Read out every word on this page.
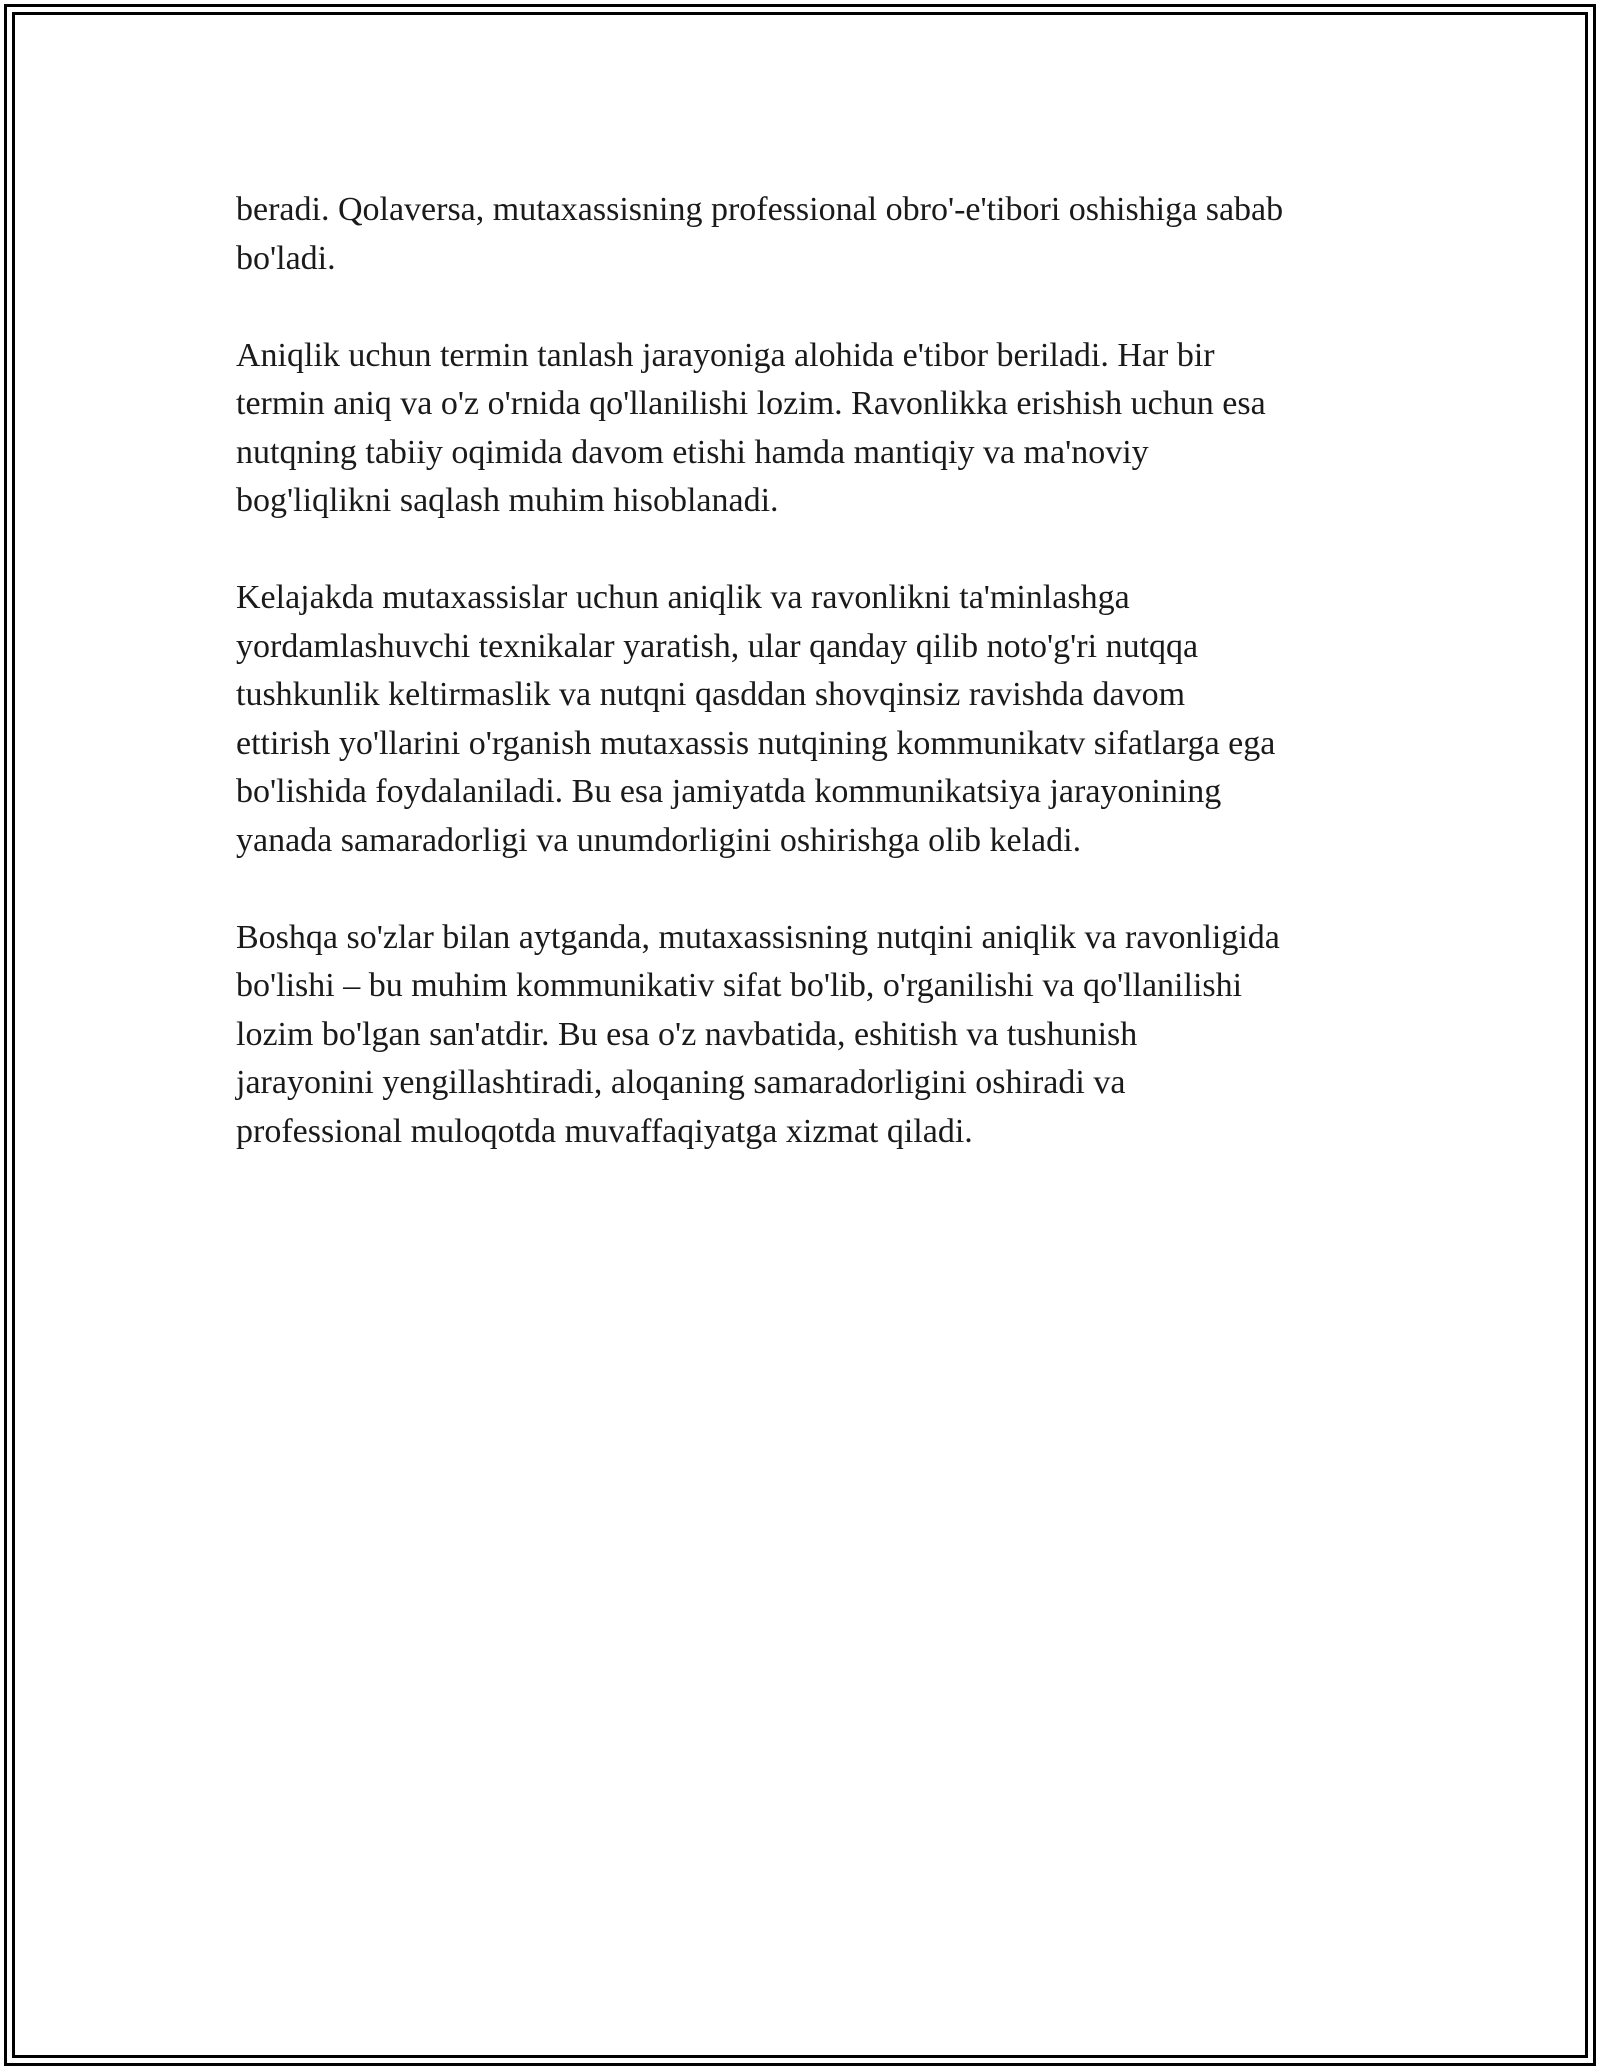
beradi. Qolaversa, mutaxassisning professional obro'-e'tibori oshishiga sabab
bo'ladi.

Aniqlik uchun termin tanlash jarayoniga alohida e'tibor beriladi. Har bir
termin aniq va o'z o'rnida qo'llanilishi lozim. Ravonlikka erishish uchun esa
nutqning tabiiy oqimida davom etishi hamda mantiqiy va ma'noviy
bog'liqlikni saqlash muhim hisoblanadi.

Kelajakda mutaxassislar uchun aniqlik va ravonlikni ta'minlashga
yordamlashuvchi texnikalar yaratish, ular qanday qilib noto'g'ri nutqqa
tushkunlik keltirmaslik va nutqni qasddan shovqinsiz ravishda davom
ettirish yo'llarini o'rganish mutaxassis nutqining kommunikatv sifatlarga ega
bo'lishida foydalaniladi. Bu esa jamiyatda kommunikatsiya jarayonining
yanada samaradorligi va unumdorligini oshirishga olib keladi.

Boshqa so'zlar bilan aytganda, mutaxassisning nutqini aniqlik va ravonligida
bo'lishi – bu muhim kommunikativ sifat bo'lib, o'rganilishi va qo'llanilishi
lozim bo'lgan san'atdir. Bu esa o'z navbatida, eshitish va tushunish
jarayonini yengillashtiradi, aloqaning samaradorligini oshiradi va
professional muloqotda muvaffaqiyatga xizmat qiladi.
